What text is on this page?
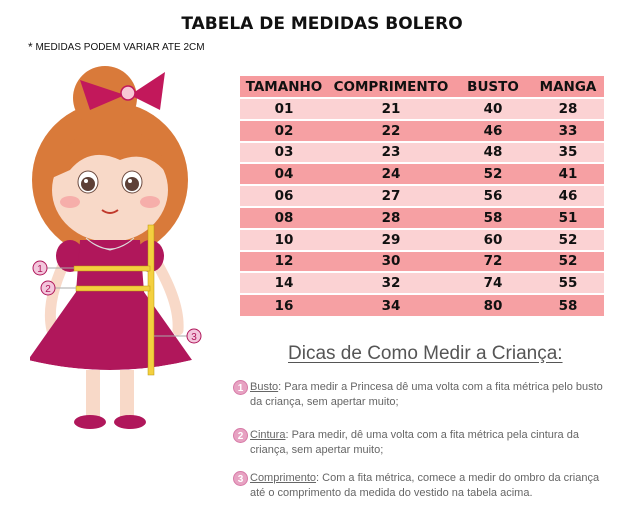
TABELA DE MEDIDAS BOLERO
* MEDIDAS PODEM VARIAR ATE 2CM
1
2
3
TAMANHO	COMPRIMENTO	BUSTO	MANGA
01	21	40	28
02	22	46	33
03	23	48	35
04	24	52	41
06	27	56	46
08	28	58	51
10	29	60	52
12	30	72	52
14	32	74	55
16	34	80	58
Dicas de Como Medir a Criança:
1 Busto: Para medir a Princesa dê uma volta com a fita métrica pelo busto
da criança, sem apertar muito;
2 Cintura: Para medir, dê uma volta com a fita métrica pela cintura da
criança, sem apertar muito;
3 Comprimento: Com a fita métrica, comece a medir do ombro da criança
até o comprimento da medida do vestido na tabela acima.
